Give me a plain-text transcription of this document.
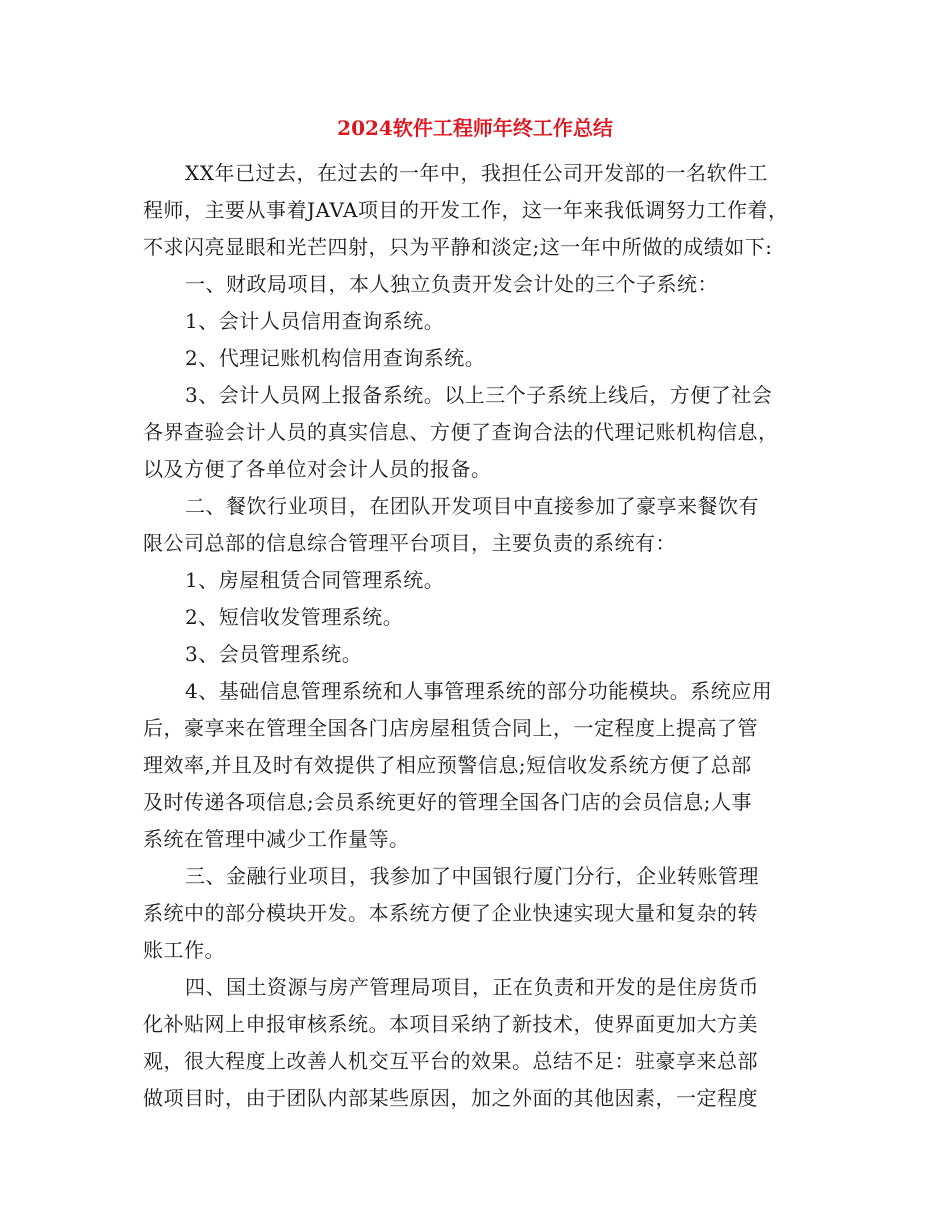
2024软件工程师年终工作总结
XX年已过去，在过去的一年中，我担任公司开发部的一名软件工
程师，主要从事着JAVA项目的开发工作，这一年来我低调努力工作着，
不求闪亮显眼和光芒四射，只为平静和淡定;这一年中所做的成绩如下:
一、财政局项目，本人独立负责开发会计处的三个子系统：
1、会计人员信用查询系统。
2、代理记账机构信用查询系统。
3、会计人员网上报备系统。以上三个子系统上线后，方便了社会
各界查验会计人员的真实信息、方便了查询合法的代理记账机构信息，
以及方便了各单位对会计人员的报备。
二、餐饮行业项目，在团队开发项目中直接参加了豪享来餐饮有
限公司总部的信息综合管理平台项目，主要负责的系统有：
1、房屋租赁合同管理系统。
2、短信收发管理系统。
3、会员管理系统。
4、基础信息管理系统和人事管理系统的部分功能模块。系统应用
后，豪享来在管理全国各门店房屋租赁合同上，一定程度上提高了管
理效率,并且及时有效提供了相应预警信息;短信收发系统方便了总部
及时传递各项信息;会员系统更好的管理全国各门店的会员信息;人事
系统在管理中减少工作量等。
三、金融行业项目，我参加了中国银行厦门分行，企业转账管理
系统中的部分模块开发。本系统方便了企业快速实现大量和复杂的转
账工作。
四、国土资源与房产管理局项目，正在负责和开发的是住房货币
化补贴网上申报审核系统。本项目采纳了新技术，使界面更加大方美
观，很大程度上改善人机交互平台的效果。总结不足：驻豪享来总部
做项目时，由于团队内部某些原因，加之外面的其他因素，一定程度
